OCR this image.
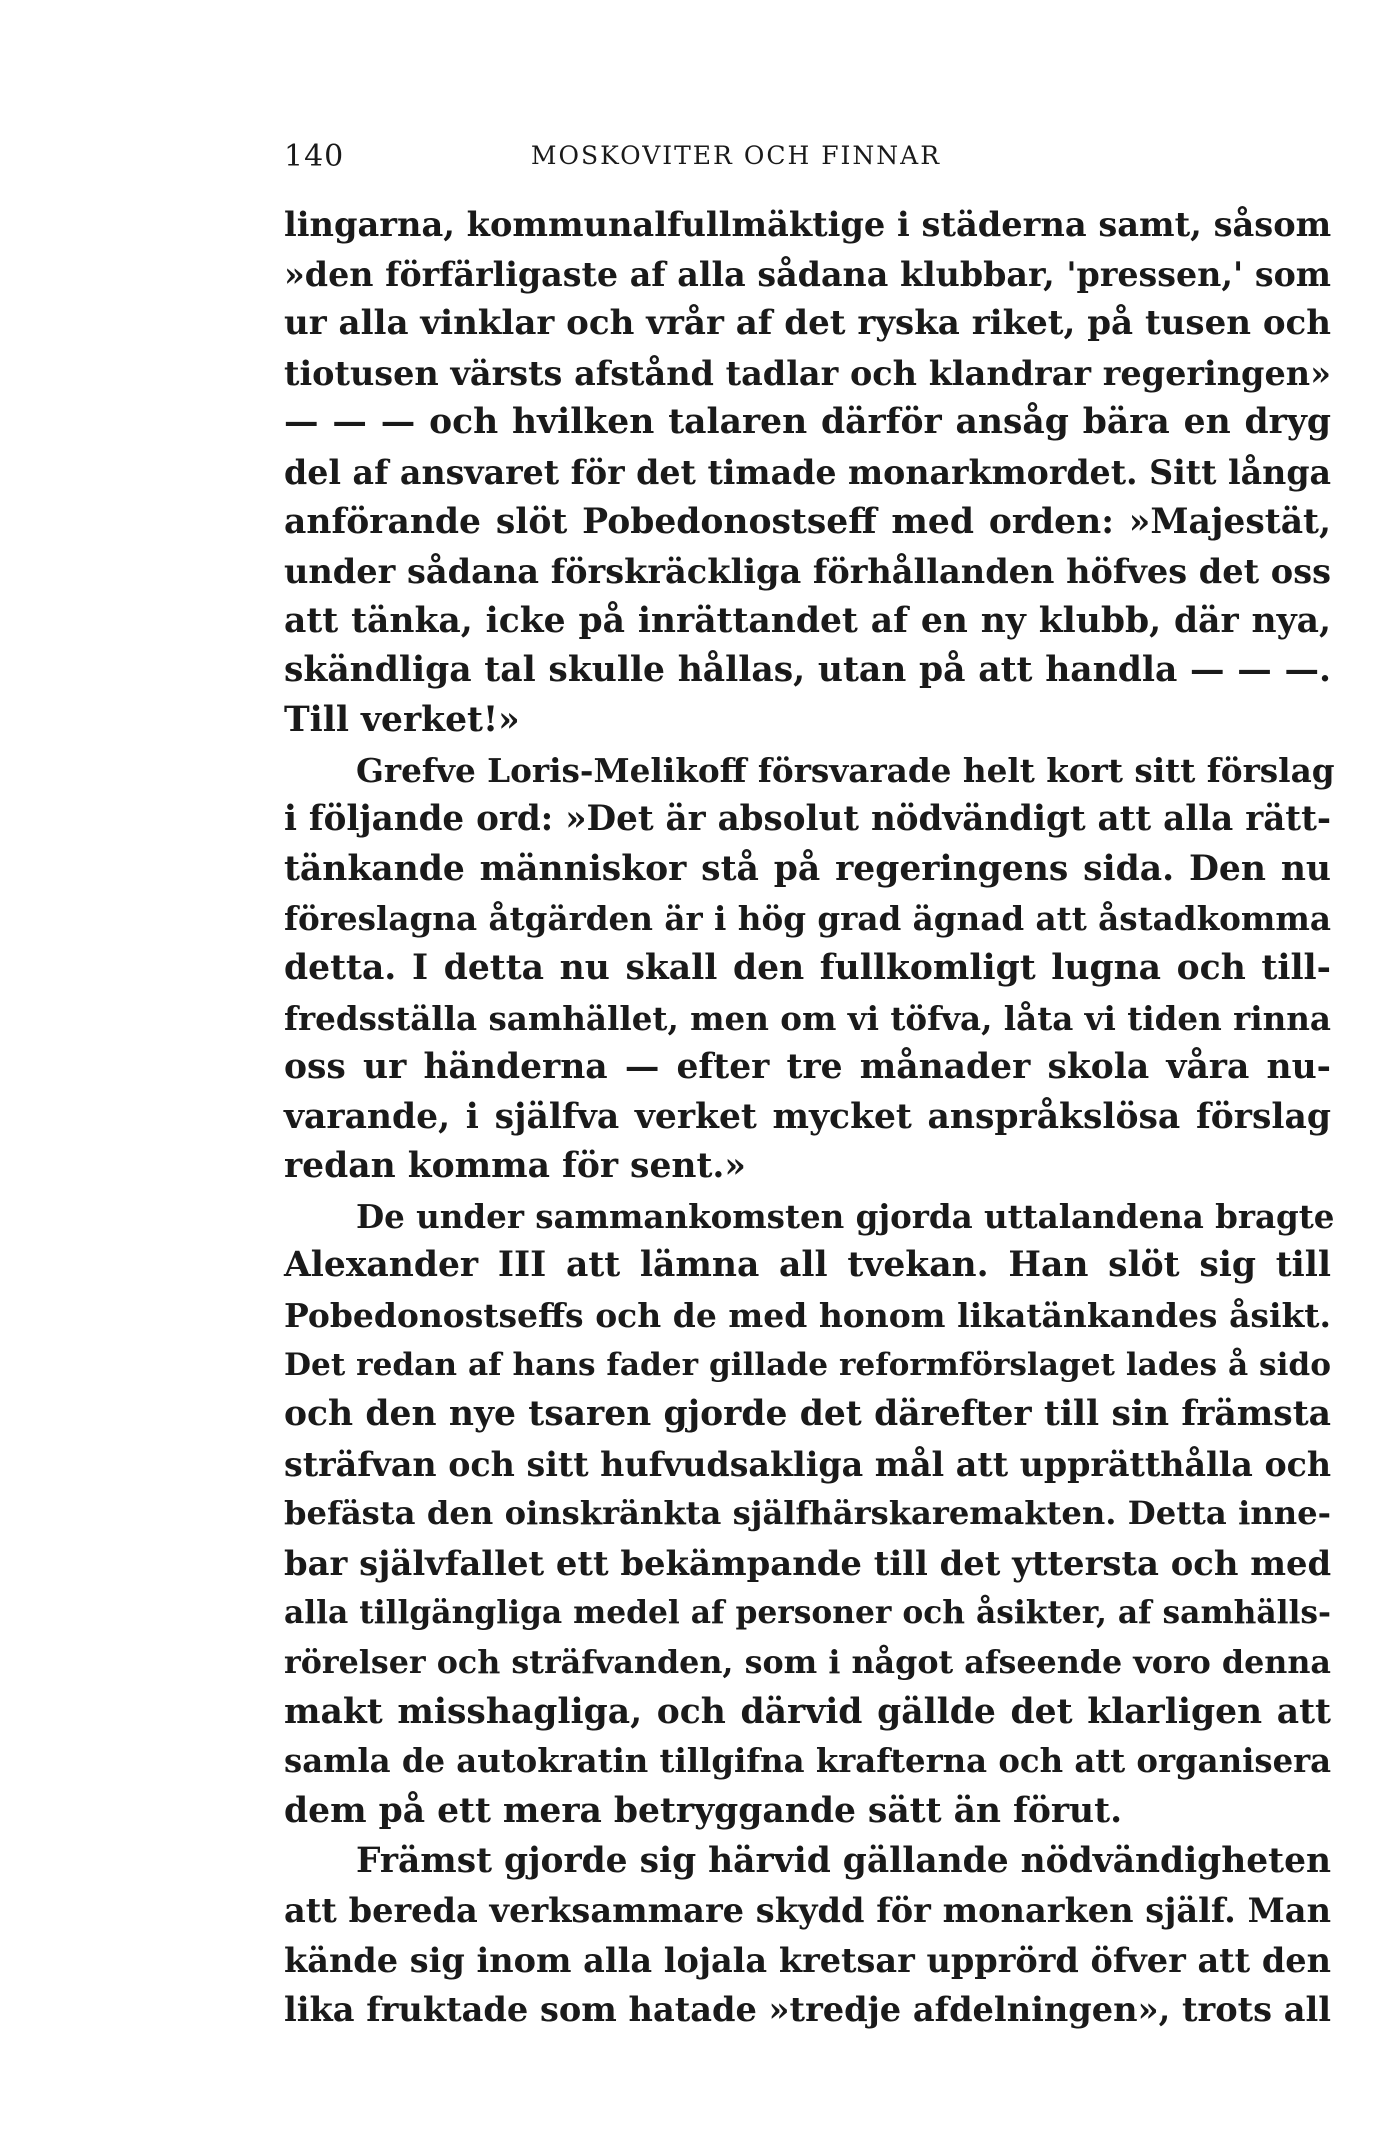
140	MOSKOVITER OCH FINNAR
lingarna, kommunalfullmäktige i städerna samt, såsom
»den förfärligaste af alla sådana klubbar, 'pressen,' som
ur alla vinklar och vrår af det ryska riket, på tusen och
tiotusen värsts afstånd tadlar och klandrar regeringen»
— — — och hvilken talaren därför ansåg bära en dryg
del af ansvaret för det timade monarkmordet. Sitt långa
anförande slöt Pobedonostseff med orden: »Majestät,
under sådana förskräckliga förhållanden höfves det oss
att tänka, icke på inrättandet af en ny klubb, där nya,
skändliga tal skulle hållas, utan på att handla — — —.
Till verket!»
Grefve Loris-Melikoff försvarade helt kort sitt förslag
i följande ord: »Det är absolut nödvändigt att alla rätt-
tänkande människor stå på regeringens sida. Den nu
föreslagna åtgärden är i hög grad ägnad att åstadkomma
detta. I detta nu skall den fullkomligt lugna och till-
fredsställa samhället, men om vi töfva, låta vi tiden rinna
oss ur händerna — efter tre månader skola våra nu-
varande, i själfva verket mycket anspråkslösa förslag
redan komma för sent.»
De under sammankomsten gjorda uttalandena bragte
Alexander III att lämna all tvekan. Han slöt sig till
Pobedonostseffs och de med honom likatänkandes åsikt.
Det redan af hans fader gillade reformförslaget lades å sido
och den nye tsaren gjorde det därefter till sin främsta
sträfvan och sitt hufvudsakliga mål att upprätthålla och
befästa den oinskränkta själfhärskaremakten. Detta inne-
bar självfallet ett bekämpande till det yttersta och med
alla tillgängliga medel af personer och åsikter, af samhälls-
rörelser och sträfvanden, som i något afseende voro denna
makt misshagliga, och därvid gällde det klarligen att
samla de autokratin tillgifna krafterna och att organisera
dem på ett mera betryggande sätt än förut.
Främst gjorde sig härvid gällande nödvändigheten
att bereda verksammare skydd för monarken själf. Man
kände sig inom alla lojala kretsar upprörd öfver att den
lika fruktade som hatade »tredje afdelningen», trots all
